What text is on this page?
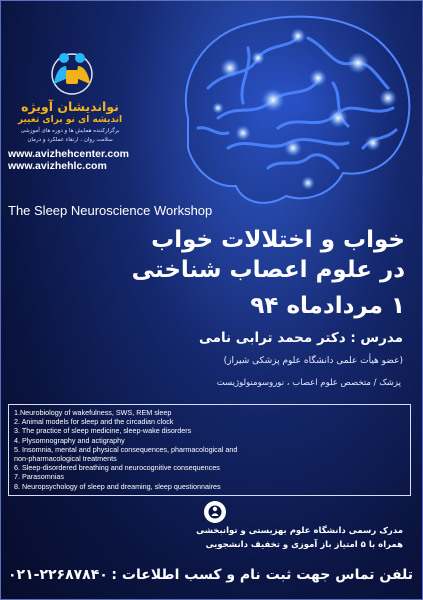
نواندیشان آویژه
اندیشه ای نو برای تغییر
برگزارکننده همایش ها و دوره های آموزشی
سلامت روان ، ارتقاء عملکرد و درمان
www.avizhehcenter.com
www.avizhehlc.com
The Sleep Neuroscience Workshop
خواب و اختلالات خواب
در علوم اعصاب شناختی
۱ مردادماه ۹۴
مدرس : دکتر محمد ترابی نامی
(عضو هیأت علمی دانشگاه علوم پزشکی شیراز)
پزشک / متخصص علوم اعصاب ، نوروسومنولوژیست
1.Neurobiology of wakefulness, SWS, REM sleep
2. Animal models for sleep and the circadian clock
3. The practice of sleep medicine, sleep-wake disorders
4. Plysomnography and actigraphy
5. Insomnia, mental and physical consequences, pharmacological and
non-pharmacological treatments
6. Sleep-disordered breathing and neurocognitive consequences
7. Parasomnias
8. Neuropsychology of sleep and dreaming, sleep questionnaires
مدرک رسمی دانشگاه علوم بهزیستی و توانبخشی
همراه با ۵ امتیاز باز آموزی و تخفیف دانشجویی
تلفن تماس جهت ثبت نام و کسب اطلاعات :
۰۲۱-۲۲۶۸۷۸۴۰
